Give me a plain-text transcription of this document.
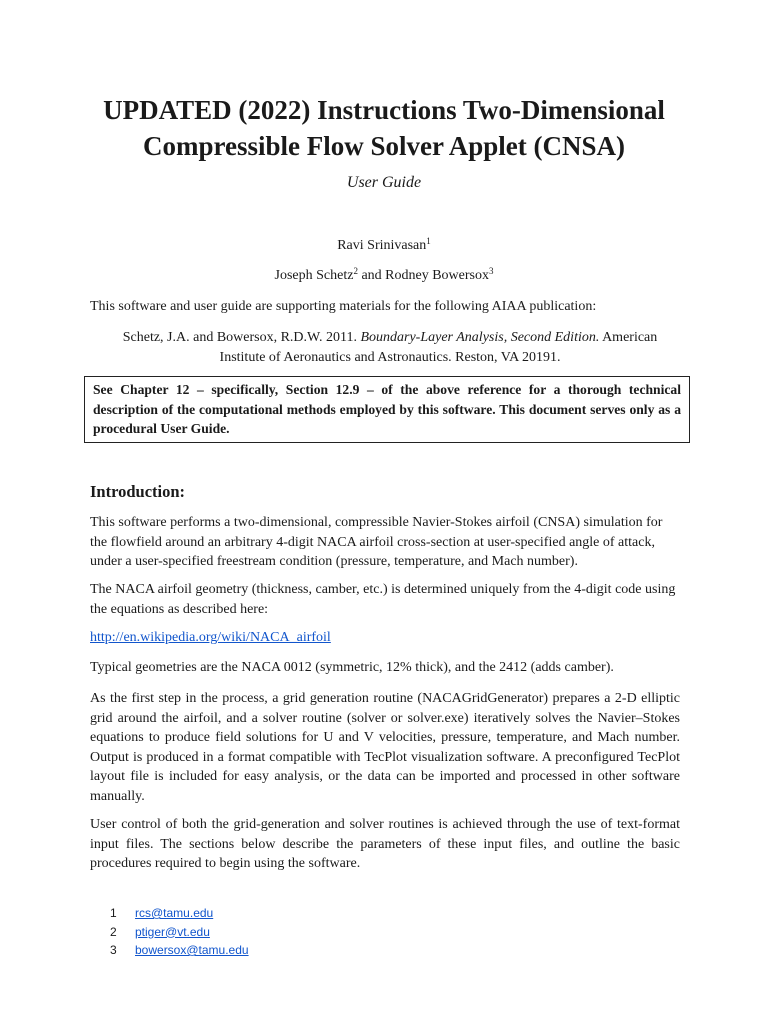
UPDATED (2022) Instructions Two-Dimensional
Compressible Flow Solver Applet (CNSA)
User Guide
Ravi Srinivasan$^1$
Joseph Schetz$^2$ and Rodney Bowersox$^3$

This software and user guide are supporting materials for the following AIAA publication:

Schetz, J.A. and Bowersox, R.D.W. 2011. Boundary-Layer Analysis, Second Edition. American Institute of Aeronautics and Astronautics. Reston, VA 20191.

See Chapter 12 – specifically, Section 12.9 – of the above reference for a thorough technical description of the computational methods employed by this software. This document serves only as a procedural User Guide.
Introduction:

This software performs a two-dimensional, compressible Navier-Stokes airfoil (CNSA) simulation for the flowfield around an arbitrary 4-digit NACA airfoil cross-section at user-specified angle of attack, under a user-specified freestream condition (pressure, temperature, and Mach number).

The NACA airfoil geometry (thickness, camber, etc.) is determined uniquely from the 4-digit code using the equations as described here:

http://en.wikipedia.org/wiki/NACA_airfoil

Typical geometries are the NACA 0012 (symmetric, 12% thick), and the 2412 (adds camber).

As the first step in the process, a grid generation routine (NACAGridGenerator) prepares a 2-D elliptic grid around the airfoil, and a solver routine (solver or solver.exe) iteratively solves the Navier–Stokes equations to produce field solutions for U and V velocities, pressure, temperature, and Mach number. Output is produced in a format compatible with TecPlot visualization software. A preconfigured TecPlot layout file is included for easy analysis, or the data can be imported and processed in other software manually.

User control of both the grid-generation and solver routines is achieved through the use of text-format input files. The sections below describe the parameters of these input files, and outline the basic procedures required to begin using the software.

1	rcs@tamu.edu
2	ptiger@vt.edu
3	bowersox@tamu.edu
